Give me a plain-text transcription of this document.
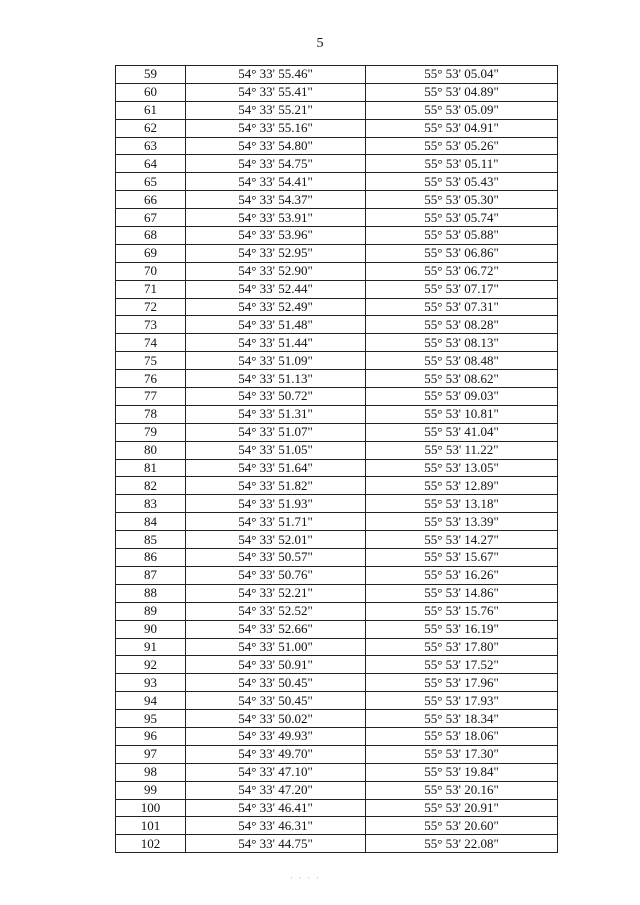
5
59	54° 33' 55.46"	55° 53' 05.04"
60	54° 33' 55.41"	55° 53' 04.89"
61	54° 33' 55.21"	55° 53' 05.09"
62	54° 33' 55.16"	55° 53' 04.91"
63	54° 33' 54.80"	55° 53' 05.26"
64	54° 33' 54.75"	55° 53' 05.11"
65	54° 33' 54.41"	55° 53' 05.43"
66	54° 33' 54.37"	55° 53' 05.30"
67	54° 33' 53.91"	55° 53' 05.74"
68	54° 33' 53.96"	55° 53' 05.88"
69	54° 33' 52.95"	55° 53' 06.86"
70	54° 33' 52.90"	55° 53' 06.72"
71	54° 33' 52.44"	55° 53' 07.17"
72	54° 33' 52.49"	55° 53' 07.31"
73	54° 33' 51.48"	55° 53' 08.28"
74	54° 33' 51.44"	55° 53' 08.13"
75	54° 33' 51.09"	55° 53' 08.48"
76	54° 33' 51.13"	55° 53' 08.62"
77	54° 33' 50.72"	55° 53' 09.03"
78	54° 33' 51.31"	55° 53' 10.81"
79	54° 33' 51.07"	55° 53' 41.04"
80	54° 33' 51.05"	55° 53' 11.22"
81	54° 33' 51.64"	55° 53' 13.05"
82	54° 33' 51.82"	55° 53' 12.89"
83	54° 33' 51.93"	55° 53' 13.18"
84	54° 33' 51.71"	55° 53' 13.39"
85	54° 33' 52.01"	55° 53' 14.27"
86	54° 33' 50.57"	55° 53' 15.67"
87	54° 33' 50.76"	55° 53' 16.26"
88	54° 33' 52.21"	55° 53' 14.86"
89	54° 33' 52.52"	55° 53' 15.76"
90	54° 33' 52.66"	55° 53' 16.19"
91	54° 33' 51.00"	55° 53' 17.80"
92	54° 33' 50.91"	55° 53' 17.52"
93	54° 33' 50.45"	55° 53' 17.96"
94	54° 33' 50.45"	55° 53' 17.93"
95	54° 33' 50.02"	55° 53' 18.34"
96	54° 33' 49.93"	55° 53' 18.06"
97	54° 33' 49.70"	55° 53' 17.30"
98	54° 33' 47.10"	55° 53' 19.84"
99	54° 33' 47.20"	55° 53' 20.16"
100	54° 33' 46.41"	55° 53' 20.91"
101	54° 33' 46.31"	55° 53' 20.60"
102	54° 33' 44.75"	55° 53' 22.08"
· · · ·
